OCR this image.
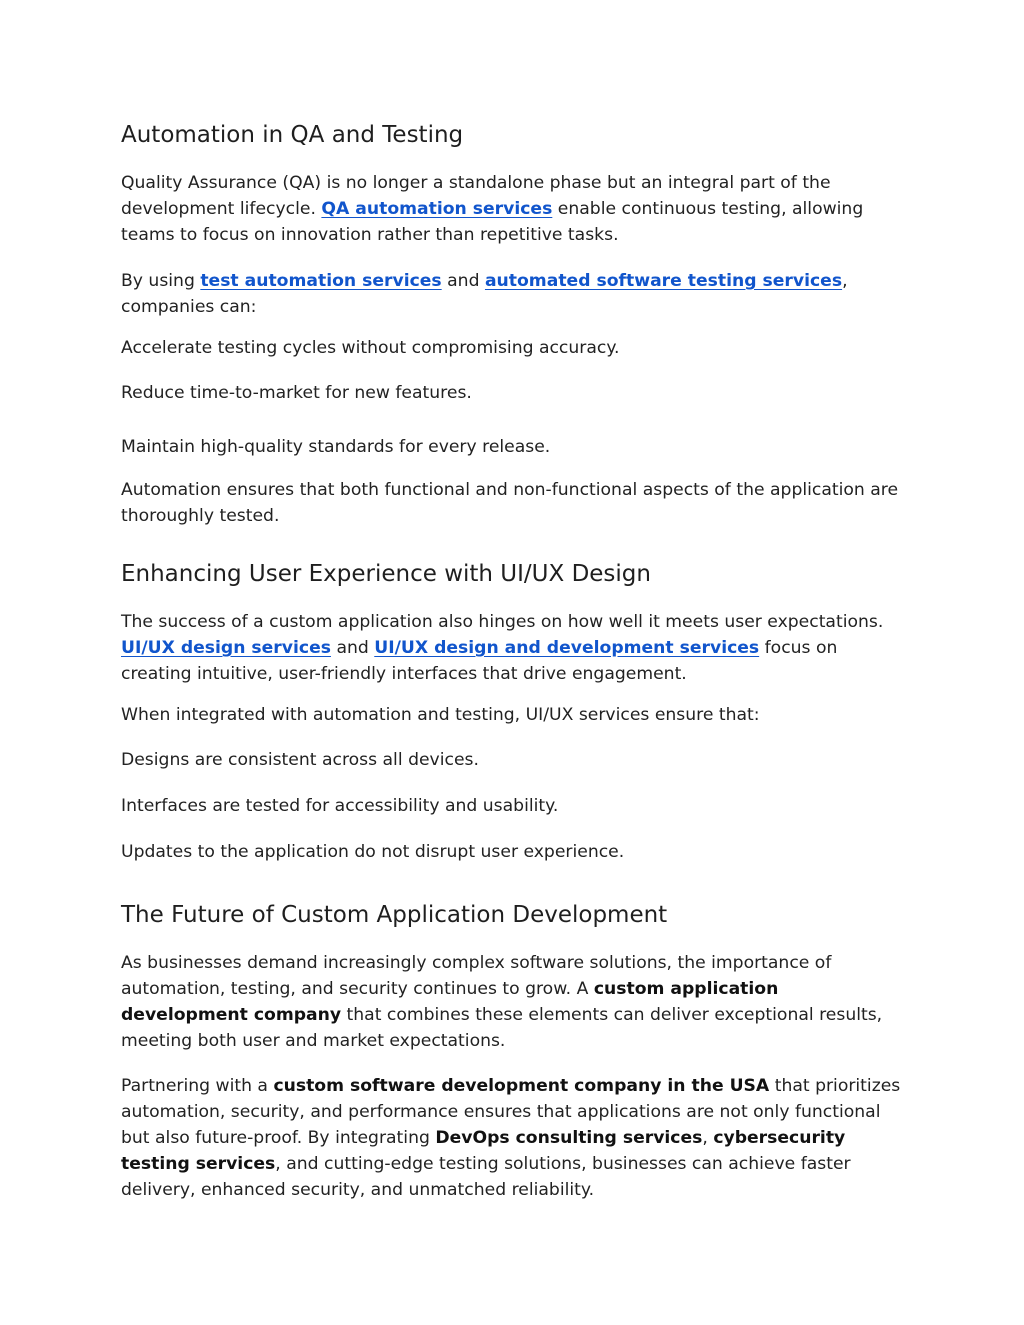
Automation in QA and Testing

Quality Assurance (QA) is no longer a standalone phase but an integral part of the development lifecycle. QA automation services enable continuous testing, allowing teams to focus on innovation rather than repetitive tasks.

By using test automation services and automated software testing services, companies can:

Accelerate testing cycles without compromising accuracy.

Reduce time-to-market for new features.

Maintain high-quality standards for every release.

Automation ensures that both functional and non-functional aspects of the application are thoroughly tested.

Enhancing User Experience with UI/UX Design

The success of a custom application also hinges on how well it meets user expectations. UI/UX design services and UI/UX design and development services focus on creating intuitive, user-friendly interfaces that drive engagement.

When integrated with automation and testing, UI/UX services ensure that:

Designs are consistent across all devices.

Interfaces are tested for accessibility and usability.

Updates to the application do not disrupt user experience.

The Future of Custom Application Development

As businesses demand increasingly complex software solutions, the importance of automation, testing, and security continues to grow. A custom application development company that combines these elements can deliver exceptional results, meeting both user and market expectations.

Partnering with a custom software development company in the USA that prioritizes automation, security, and performance ensures that applications are not only functional but also future-proof. By integrating DevOps consulting services, cybersecurity testing services, and cutting-edge testing solutions, businesses can achieve faster delivery, enhanced security, and unmatched reliability.
